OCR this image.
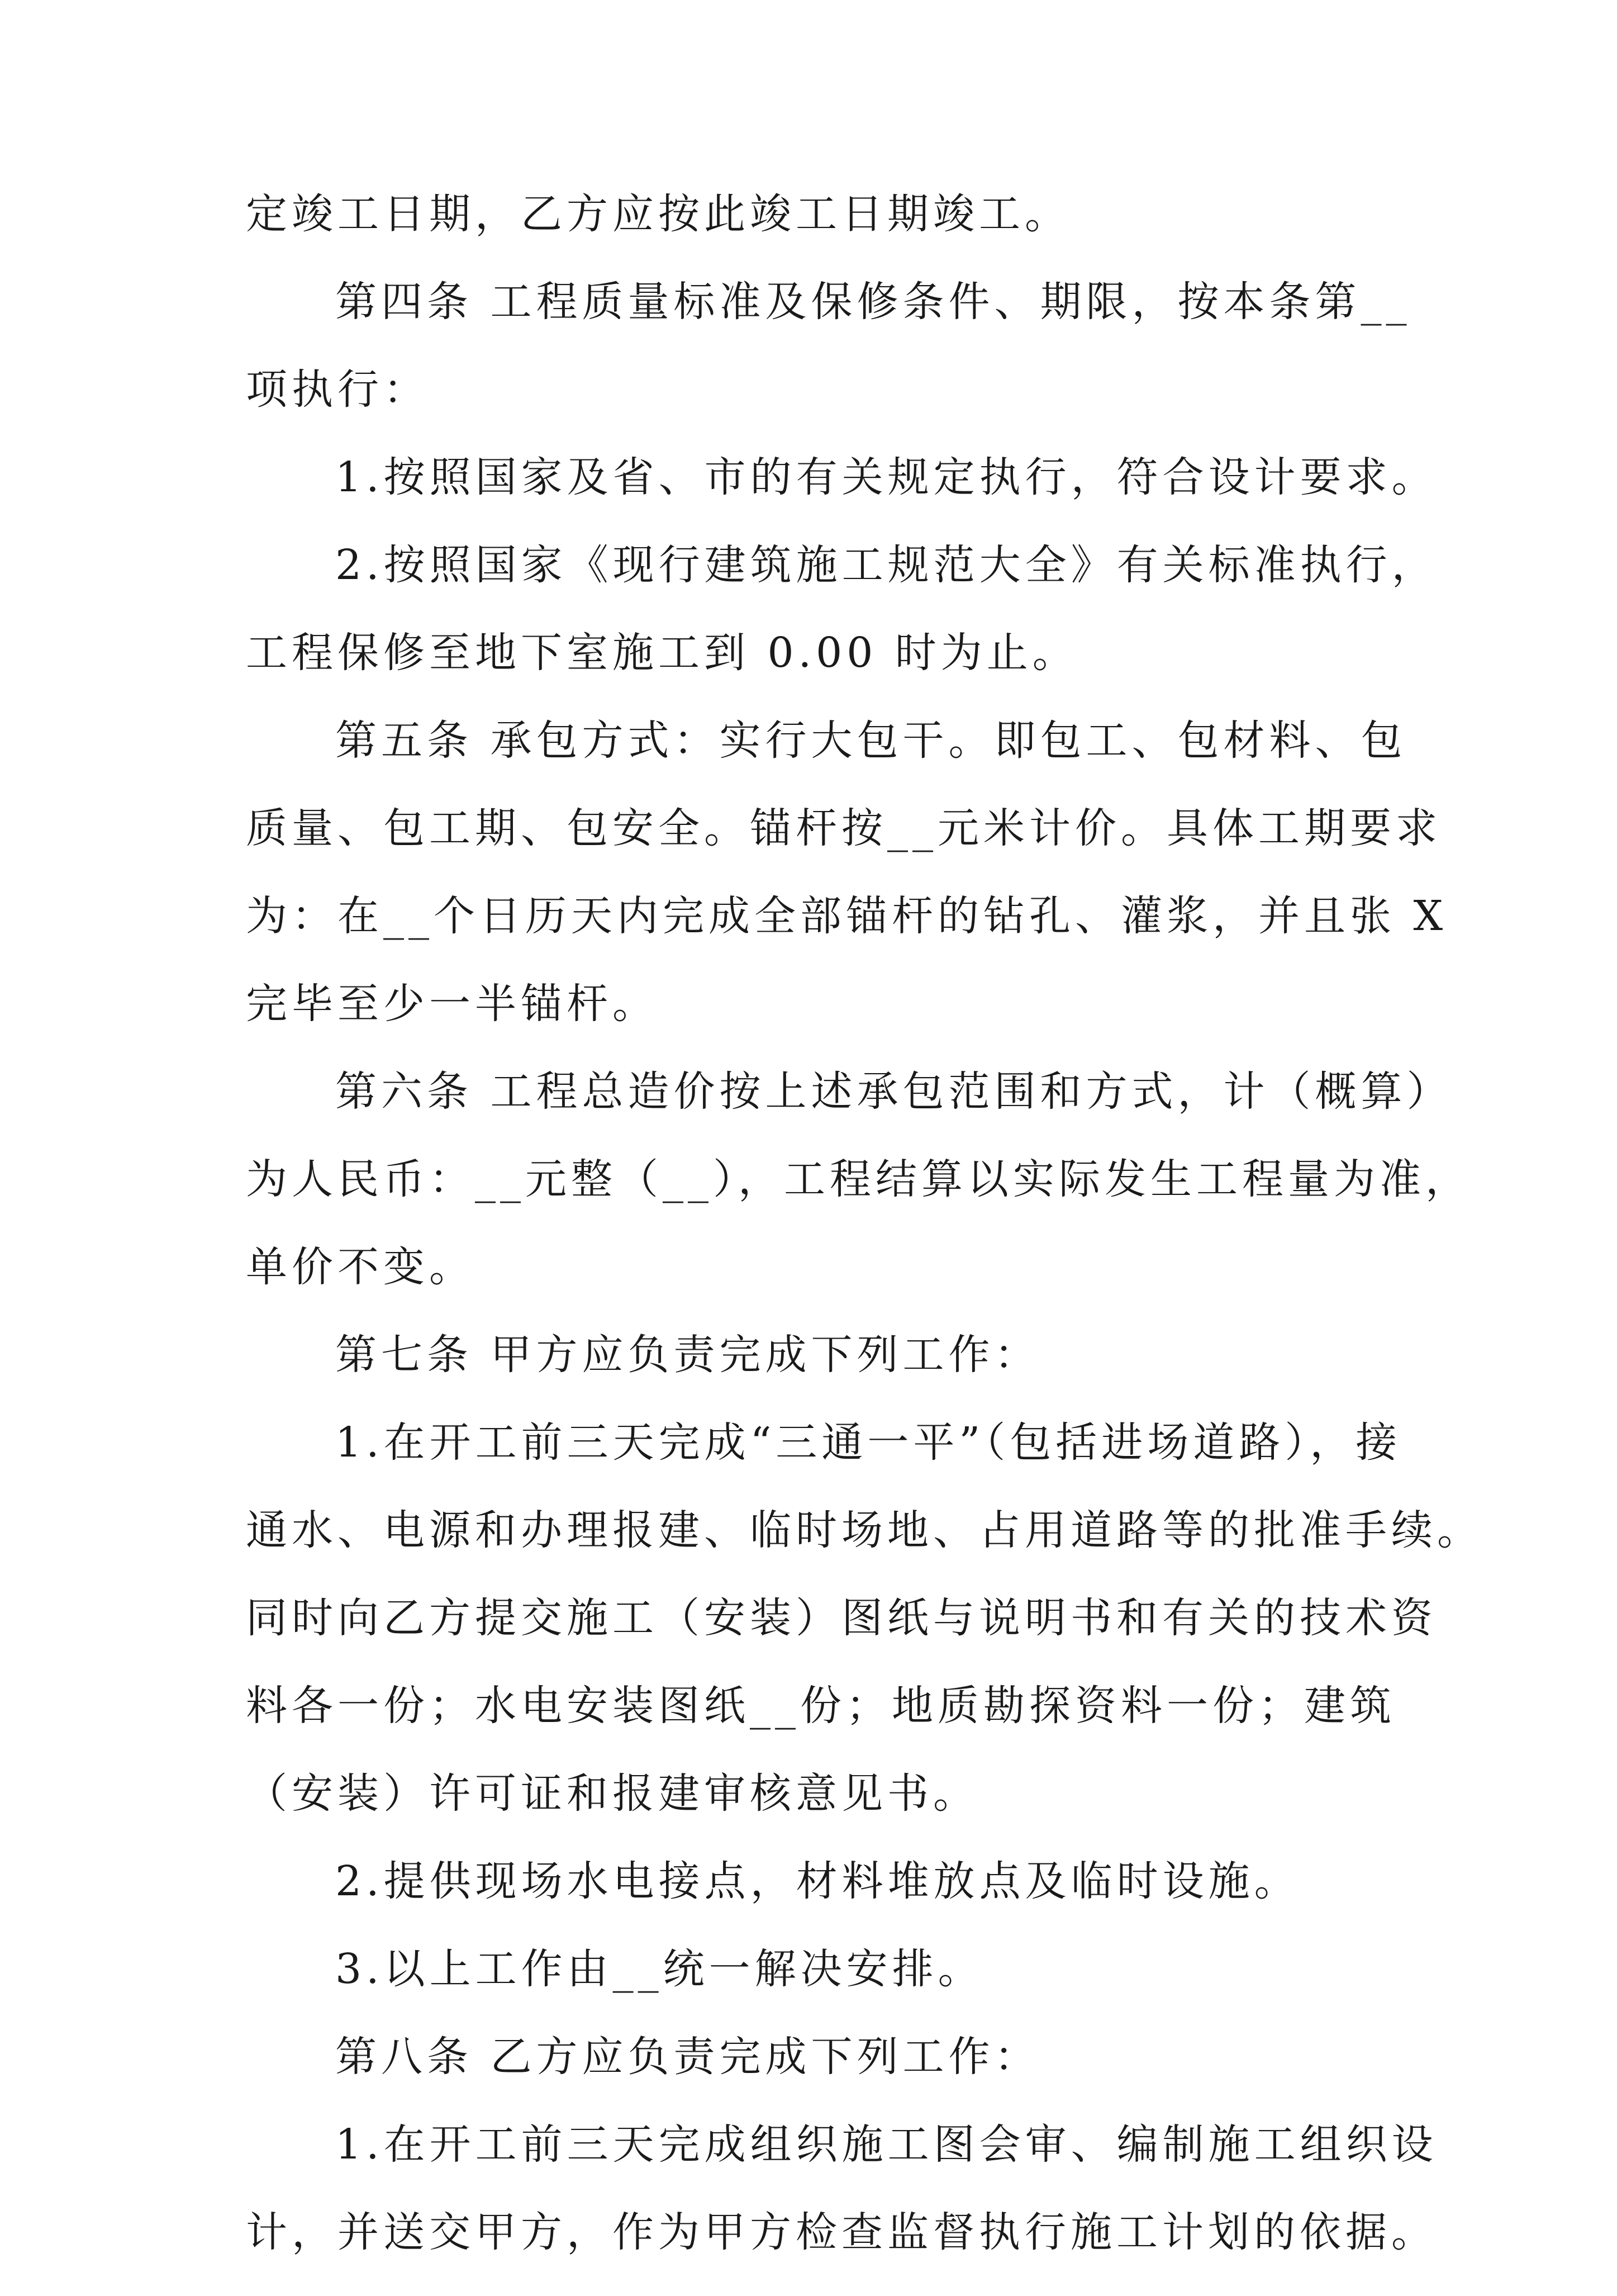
定竣工日期，乙方应按此竣工日期竣工。
第四条 工程质量标准及保修条件、期限，按本条第__
项执行：
1.按照国家及省、市的有关规定执行，符合设计要求。
2.按照国家《现行建筑施工规范大全》有关标准执行，
工程保修至地下室施工到 0.00 时为止。
第五条 承包方式：实行大包干。即包工、包材料、包
质量、包工期、包安全。锚杆按__元米计价。具体工期要求
为：在__个日历天内完成全部锚杆的钻孔、灌浆，并且张 X
完毕至少一半锚杆。
第六条 工程总造价按上述承包范围和方式，计（概算）
为人民币：__元整（__），工程结算以实际发生工程量为准，
单价不变。
第七条 甲方应负责完成下列工作：
1.在开工前三天完成“三通一平”（包括进场道路），接
通水、电源和办理报建、临时场地、占用道路等的批准手续。
同时向乙方提交施工（安装）图纸与说明书和有关的技术资
料各一份；水电安装图纸__份；地质勘探资料一份；建筑
（安装）许可证和报建审核意见书。
2.提供现场水电接点，材料堆放点及临时设施。
3.以上工作由__统一解决安排。
第八条 乙方应负责完成下列工作：
1.在开工前三天完成组织施工图会审、编制施工组织设
计，并送交甲方，作为甲方检查监督执行施工计划的依据。
